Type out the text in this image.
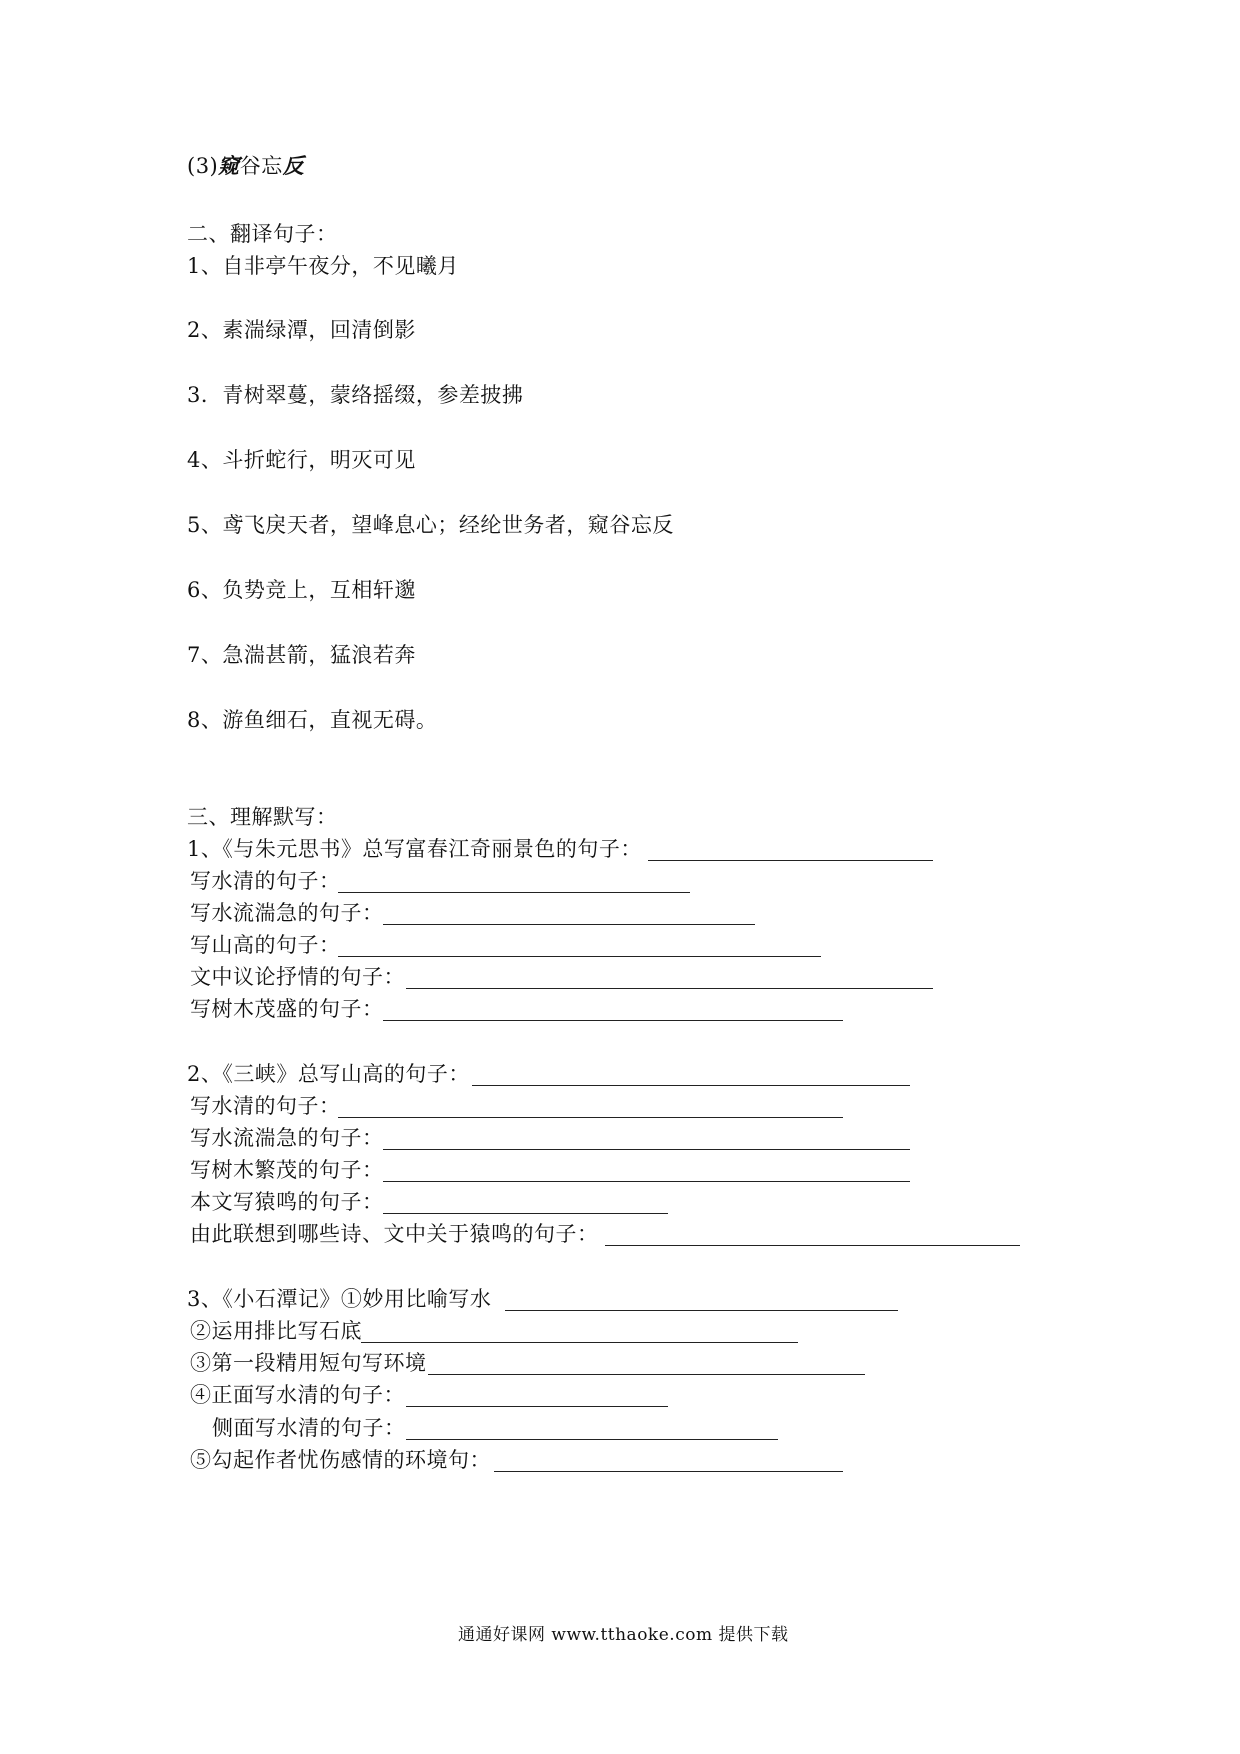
(3)窥谷忘反
二、翻译句子：
1、自非亭午夜分，不见曦月
2、素湍绿潭，回清倒影
3．青树翠蔓，蒙络摇缀，参差披拂
4、斗折蛇行，明灭可见
5、鸢飞戾天者，望峰息心；经纶世务者，窥谷忘反
6、负势竞上，互相轩邈
7、急湍甚箭，猛浪若奔
8、游鱼细石，直视无碍。
三、理解默写：
1、《与朱元思书》总写富春江奇丽景色的句子：
写水清的句子：
写水流湍急的句子：
写山高的句子：
文中议论抒情的句子：
写树木茂盛的句子：
2、《三峡》总写山高的句子：
写水清的句子：
写水流湍急的句子：
写树木繁茂的句子：
本文写猿鸣的句子：
由此联想到哪些诗、文中关于猿鸣的句子：
3、《小石潭记》①妙用比喻写水
②运用排比写石底
③第一段精用短句写环境
④正面写水清的句子：
侧面写水清的句子：
⑤勾起作者忧伤感情的环境句：
通通好课网 www.tthaoke.com 提供下载
